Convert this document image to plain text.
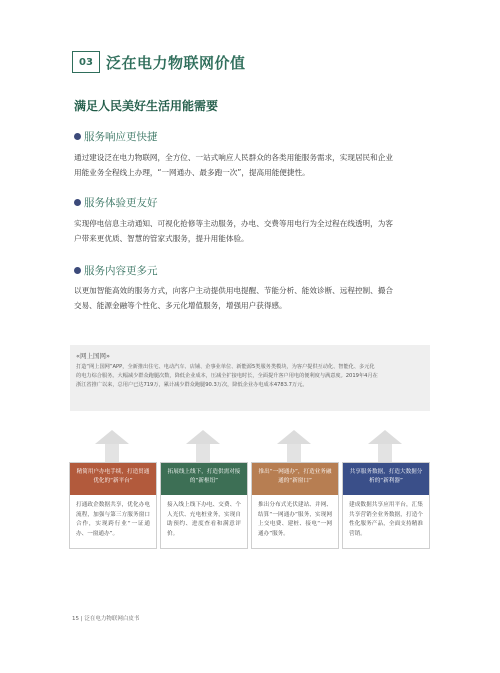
03 泛在电力物联网价值
满足人民美好生活用能需要
服务响应更快捷
通过建设泛在电力物联网，全方位、一站式响应人民群众的各类用能服务需求，实现居民和企业
用能业务全程线上办理，“一网通办、最多跑一次”，提高用能便捷性。
服务体验更友好
实现停电信息主动通知、可视化抢修等主动服务，办电、交费等用电行为全过程在线透明，为客
户带来更优质、智慧的管家式服务，提升用能体验。
服务内容更多元
以更加智能高效的服务方式，向客户主动提供用电提醒、节能分析、能效诊断、远程控制、撮合
交易、能源金融等个性化、多元化增值服务，增强用户获得感。
«网上国网»
打造“网上国网”APP，全新推出住宅、电动汽车、店铺、企事业单位、新能源5类服务类模块，为客户提供互动化、智能化、多元化
的电力综合服务。大幅减少群众跑腿次数，降低企业成本，压减全扩接电时长，全面提升客户用电的便利度与满意度。2019年4月在
浙江省推广以来，总用户已达719万，累计减少群众跑腿90.3万次，降低企业办电成本4783.7万元。
精简用户办电手续，打造贯通优化的“新平台”
打通政企数据共享，优化办电流程，加强与第三方服务窗口合作，实现跨行业“一证通办、一窗通办”。
拓展线上线下，打造供需对接的“新枢纽”
接入线上线下办电、交费、个人光伏、充电桩业务，实现自助预约、进度查看和满意评价。
推出“一网通办”，打造业务融通的“新窗口”
推出分布式光伏建站、并网、结算“一网通办”服务，实现网上交电费、建桩、接电“一网通办”服务。
共享服务数据，打造大数据分析的“新利器”
建成数据共享应用平台，汇集共享营销全业务数据，打造个性化服务产品，全面支持精准营销。
15 | 泛在电力物联网白皮书
